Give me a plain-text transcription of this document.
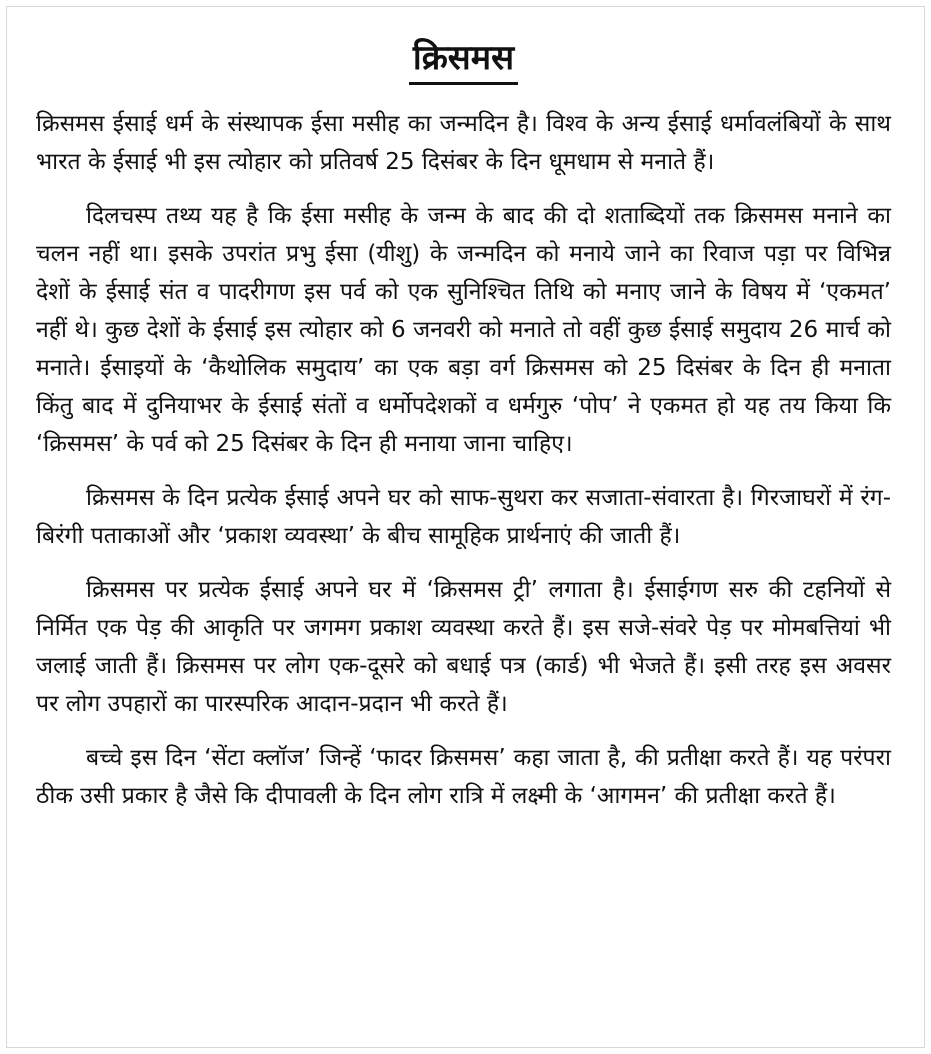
क्रिसमस

क्रिसमस ईसाई धर्म के संस्थापक ईसा मसीह का जन्मदिन है। विश्व के अन्य ईसाई धर्मावलंबियों के साथ भारत के ईसाई भी इस त्योहार को प्रतिवर्ष 25 दिसंबर के दिन धूमधाम से मनाते हैं।

दिलचस्प तथ्य यह है कि ईसा मसीह के जन्म के बाद की दो शताब्दियों तक क्रिसमस मनाने का चलन नहीं था। इसके उपरांत प्रभु ईसा (यीशु) के जन्मदिन को मनाये जाने का रिवाज पड़ा पर विभिन्न देशों के ईसाई संत व पादरीगण इस पर्व को एक सुनिश्चित तिथि को मनाए जाने के विषय में ‘एकमत’ नहीं थे। कुछ देशों के ईसाई इस त्योहार को 6 जनवरी को मनाते तो वहीं कुछ ईसाई समुदाय 26 मार्च को मनाते। ईसाइयों के ‘कैथोलिक समुदाय’ का एक बड़ा वर्ग क्रिसमस को 25 दिसंबर के दिन ही मनाता किंतु बाद में दुनियाभर के ईसाई संतों व धर्मोपदेशकों व धर्मगुरु ‘पोप’ ने एकमत हो यह तय किया कि ‘क्रिसमस’ के पर्व को 25 दिसंबर के दिन ही मनाया जाना चाहिए।

क्रिसमस के दिन प्रत्येक ईसाई अपने घर को साफ-सुथरा कर सजाता-संवारता है। गिरजाघरों में रंग-बिरंगी पताकाओं और ‘प्रकाश व्यवस्था’ के बीच सामूहिक प्रार्थनाएं की जाती हैं।

क्रिसमस पर प्रत्येक ईसाई अपने घर में ‘क्रिसमस ट्री’ लगाता है। ईसाईगण सरु की टहनियों से निर्मित एक पेड़ की आकृति पर जगमग प्रकाश व्यवस्था करते हैं। इस सजे-संवरे पेड़ पर मोमबत्तियां भी जलाई जाती हैं। क्रिसमस पर लोग एक-दूसरे को बधाई पत्र (कार्ड) भी भेजते हैं। इसी तरह इस अवसर पर लोग उपहारों का पारस्परिक आदान-प्रदान भी करते हैं।

बच्चे इस दिन ‘सेंटा क्लॉज’ जिन्हें ‘फादर क्रिसमस’ कहा जाता है, की प्रतीक्षा करते हैं। यह परंपरा ठीक उसी प्रकार है जैसे कि दीपावली के दिन लोग रात्रि में लक्ष्मी के ‘आगमन’ की प्रतीक्षा करते हैं।
